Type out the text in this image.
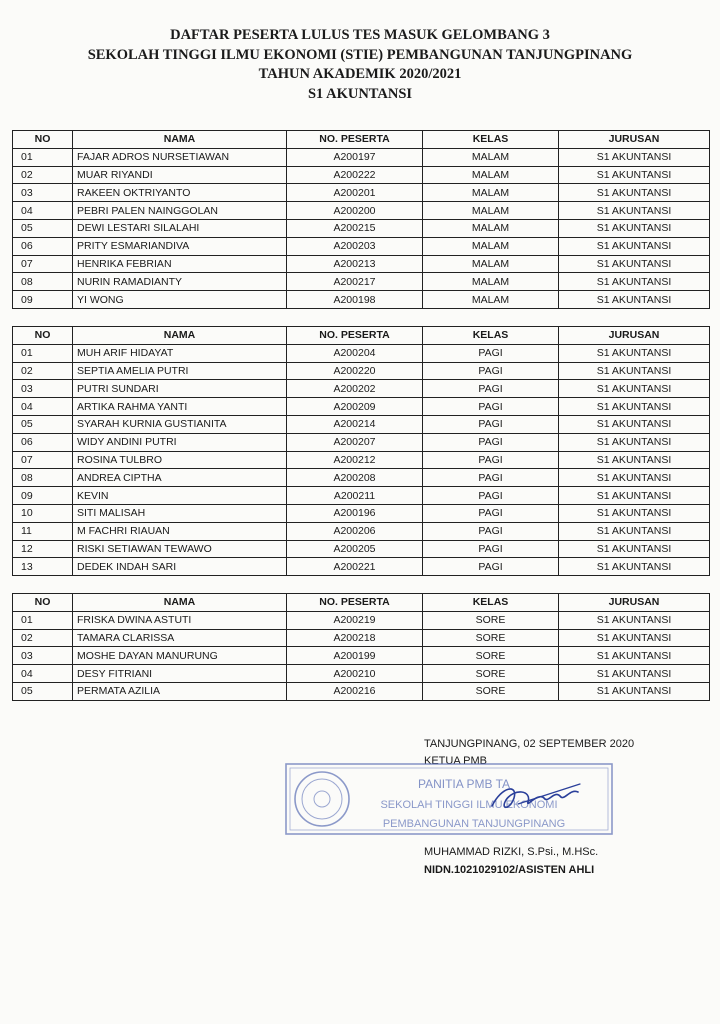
DAFTAR PESERTA LULUS TES MASUK GELOMBANG 3
SEKOLAH TINGGI ILMU EKONOMI (STIE) PEMBANGUNAN TANJUNGPINANG
TAHUN AKADEMIK 2020/2021
S1 AKUNTANSI
NO	NAMA	NO. PESERTA	KELAS	JURUSAN
01	FAJAR ADROS NURSETIAWAN	A200197	MALAM	S1 AKUNTANSI
02	MUAR RIYANDI	A200222	MALAM	S1 AKUNTANSI
03	RAKEEN OKTRIYANTO	A200201	MALAM	S1 AKUNTANSI
04	PEBRI PALEN NAINGGOLAN	A200200	MALAM	S1 AKUNTANSI
05	DEWI LESTARI SILALAHI	A200215	MALAM	S1 AKUNTANSI
06	PRITY ESMARIANDIVA	A200203	MALAM	S1 AKUNTANSI
07	HENRIKA FEBRIAN	A200213	MALAM	S1 AKUNTANSI
08	NURIN RAMADIANTY	A200217	MALAM	S1 AKUNTANSI
09	YI WONG	A200198	MALAM	S1 AKUNTANSI
NO	NAMA	NO. PESERTA	KELAS	JURUSAN
01	MUH ARIF HIDAYAT	A200204	PAGI	S1 AKUNTANSI
02	SEPTIA AMELIA PUTRI	A200220	PAGI	S1 AKUNTANSI
03	PUTRI SUNDARI	A200202	PAGI	S1 AKUNTANSI
04	ARTIKA RAHMA YANTI	A200209	PAGI	S1 AKUNTANSI
05	SYARAH KURNIA GUSTIANITA	A200214	PAGI	S1 AKUNTANSI
06	WIDY ANDINI PUTRI	A200207	PAGI	S1 AKUNTANSI
07	ROSINA TULBRO	A200212	PAGI	S1 AKUNTANSI
08	ANDREA CIPTHA	A200208	PAGI	S1 AKUNTANSI
09	KEVIN	A200211	PAGI	S1 AKUNTANSI
10	SITI MALISAH	A200196	PAGI	S1 AKUNTANSI
11	M FACHRI RIAUAN	A200206	PAGI	S1 AKUNTANSI
12	RISKI SETIAWAN TEWAWO	A200205	PAGI	S1 AKUNTANSI
13	DEDEK INDAH SARI	A200221	PAGI	S1 AKUNTANSI
NO	NAMA	NO. PESERTA	KELAS	JURUSAN
01	FRISKA DWINA ASTUTI	A200219	SORE	S1 AKUNTANSI
02	TAMARA CLARISSA	A200218	SORE	S1 AKUNTANSI
03	MOSHE DAYAN MANURUNG	A200199	SORE	S1 AKUNTANSI
04	DESY FITRIANI	A200210	SORE	S1 AKUNTANSI
05	PERMATA AZILIA	A200216	SORE	S1 AKUNTANSI
TANJUNGPINANG, 02 SEPTEMBER 2020
KETUA PMB
PANITIA PMB TA
SEKOLAH TINGGI ILMU EKONOMI
PEMBANGUNAN TANJUNGPINANG
MUHAMMAD RIZKI, S.Psi., M.HSc.
NIDN.1021029102/ASISTEN AHLI
